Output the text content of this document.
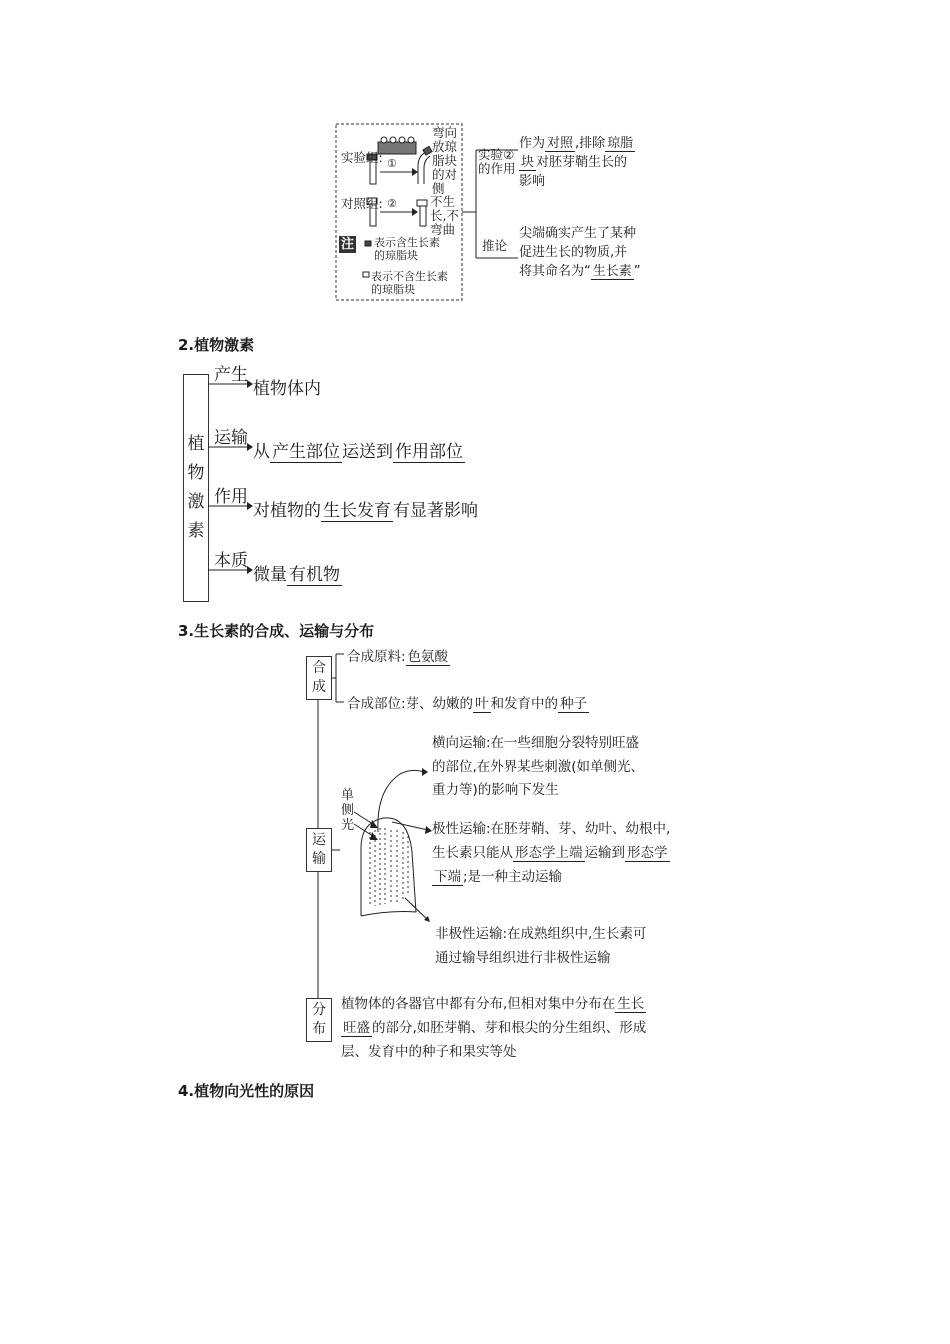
实验组:
对照组:
①
②
弯向
放琼
脂块
的对
侧
不生
长,不
弯曲
注 表示含生长素
的琼脂块
表示不含生长素
的琼脂块
实验②
的作用
作为 对照 ,排除 琼脂
块 对胚芽鞘生长的
影响
推论
尖端确实产生了某种
促进生长的物质,并
将其命名为“ 生长素 ”
2.植物激素
植
物
激
素
产生
植物体内
运输
从 产生部位 运送到 作用部位
作用
对植物的 生长发育 有显著影响
本质
微量 有机物
3.生长素的合成、运输与分布
合
成
合成原料: 色氨酸
合成部位:芽、幼嫩的 叶 和发育中的 种子
运
输
单
侧
光
横向运输:在一些细胞分裂特别旺盛
的部位,在外界某些刺激(如单侧光、
重力等)的影响下发生
极性运输:在胚芽鞘、芽、幼叶、幼根中,
生长素只能从 形态学上端 运输到 形态学
下端 ;是一种主动运输
非极性运输:在成熟组织中,生长素可
通过输导组织进行非极性运输
分
布
植物体的各器官中都有分布,但相对集中分布在 生长
旺盛 的部分,如胚芽鞘、芽和根尖的分生组织、形成
层、发育中的种子和果实等处
4.植物向光性的原因
